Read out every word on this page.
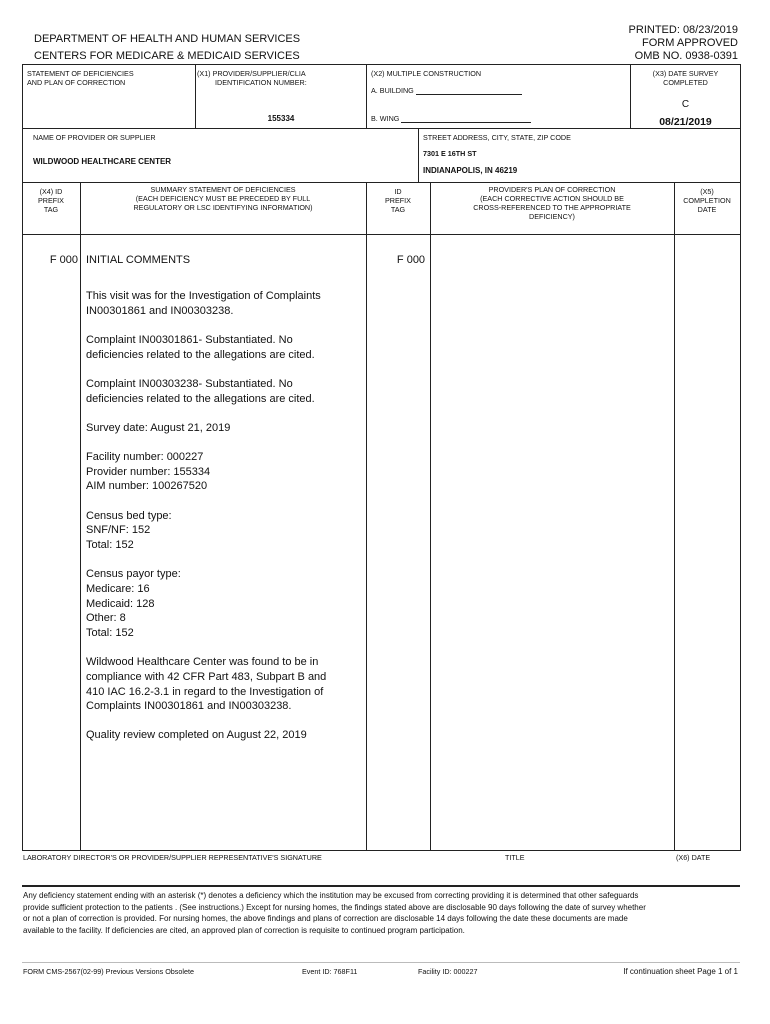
DEPARTMENT OF HEALTH AND HUMAN SERVICES
CENTERS FOR MEDICARE & MEDICAID SERVICES
PRINTED: 08/23/2019
FORM APPROVED
OMB NO. 0938-0391
STATEMENT OF DEFICIENCIES
AND PLAN OF CORRECTION
(X1) PROVIDER/SUPPLIER/CLIA
IDENTIFICATION NUMBER:
155334
(X2) MULTIPLE CONSTRUCTION
A. BUILDING
B. WING
(X3) DATE SURVEY
COMPLETED
C
08/21/2019
NAME OF PROVIDER OR SUPPLIER
WILDWOOD HEALTHCARE CENTER
STREET ADDRESS, CITY, STATE, ZIP CODE
7301 E 16TH ST
INDIANAPOLIS, IN 46219
(X4) ID
PREFIX
TAG
SUMMARY STATEMENT OF DEFICIENCIES
(EACH DEFICIENCY MUST BE PRECEDED BY FULL
REGULATORY OR LSC IDENTIFYING INFORMATION)
ID
PREFIX
TAG
PROVIDER'S PLAN OF CORRECTION
(EACH CORRECTIVE ACTION SHOULD BE
CROSS-REFERENCED TO THE APPROPRIATE
DEFICIENCY)
(X5)
COMPLETION
DATE
F 000 INITIAL COMMENTS	F 000

This visit was for the Investigation of Complaints
IN00301861 and IN00303238.

Complaint IN00301861- Substantiated. No
deficiencies related to the allegations are cited.

Complaint IN00303238- Substantiated. No
deficiencies related to the allegations are cited.

Survey date: August 21, 2019

Facility number: 000227
Provider number: 155334
AIM number: 100267520

Census bed type:
SNF/NF: 152
Total: 152

Census payor type:
Medicare: 16
Medicaid: 128
Other: 8
Total: 152

Wildwood Healthcare Center was found to be in
compliance with 42 CFR Part 483, Subpart B and
410 IAC 16.2-3.1 in regard to the Investigation of
Complaints IN00301861 and IN00303238.

Quality review completed on August 22, 2019

LABORATORY DIRECTOR'S OR PROVIDER/SUPPLIER REPRESENTATIVE'S SIGNATURE	TITLE	(X6) DATE
Any deficiency statement ending with an asterisk (*) denotes a deficiency which the institution may be excused from correcting providing it is determined that other safeguards provide sufficient protection to the patients . (See instructions.) Except for nursing homes, the findings stated above are disclosable 90 days following the date of survey whether or not a plan of correction is provided. For nursing homes, the above findings and plans of correction are disclosable 14 days following the date these documents are made available to the facility. If deficiencies are cited, an approved plan of correction is requisite to continued program participation.
FORM CMS-2567(02-99) Previous Versions Obsolete	Event ID: 768F11	Facility ID: 000227	If continuation sheet Page 1 of 1
